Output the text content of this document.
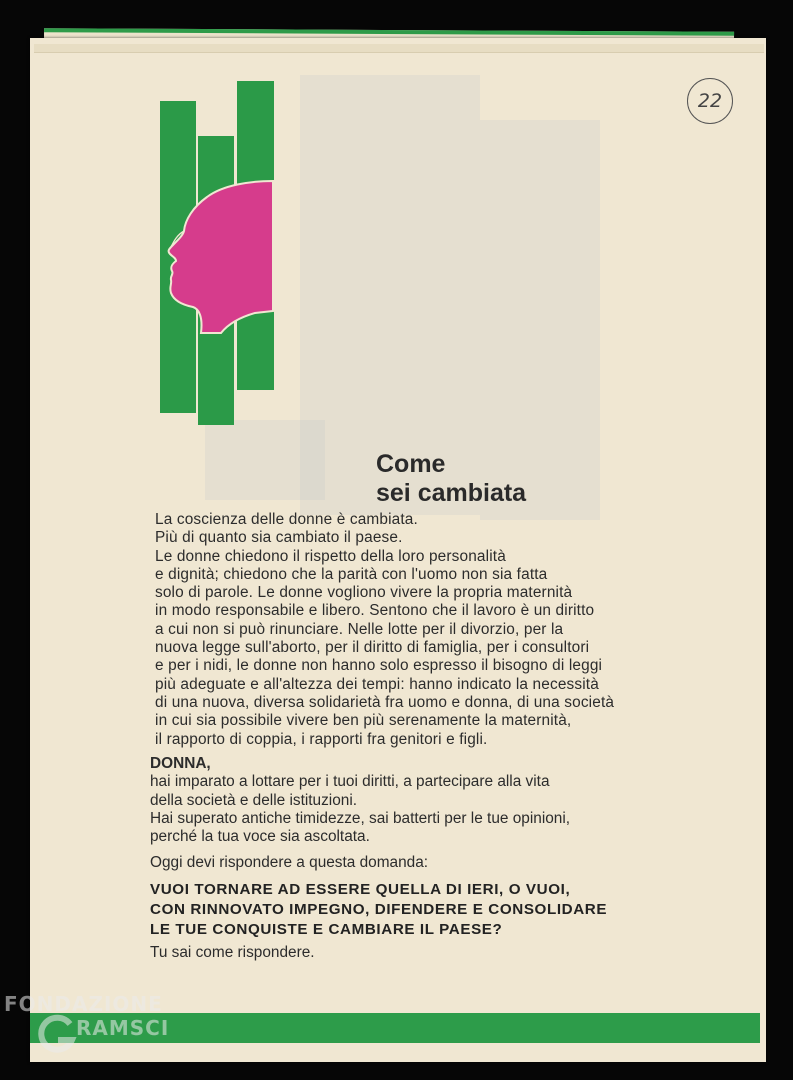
22
Come
sei cambiata
La coscienza delle donne è cambiata.
Più di quanto sia cambiato il paese.
Le donne chiedono il rispetto della loro personalità
e dignità; chiedono che la parità con l'uomo non sia fatta
solo di parole. Le donne vogliono vivere la propria maternità
in modo responsabile e libero. Sentono che il lavoro è un diritto
a cui non si può rinunciare. Nelle lotte per il divorzio, per la
nuova legge sull'aborto, per il diritto di famiglia, per i consultori
e per i nidi, le donne non hanno solo espresso il bisogno di leggi
più adeguate e all'altezza dei tempi: hanno indicato la necessità
di una nuova, diversa solidarietà fra uomo e donna, di una società
in cui sia possibile vivere ben più serenamente la maternità,
il rapporto di coppia, i rapporti fra genitori e figli.
DONNA,
hai imparato a lottare per i tuoi diritti, a partecipare alla vita
della società e delle istituzioni.
Hai superato antiche timidezze, sai batterti per le tue opinioni,
perché la tua voce sia ascoltata.
Oggi devi rispondere a questa domanda:
VUOI TORNARE AD ESSERE QUELLA DI IERI, O VUOI,
CON RINNOVATO IMPEGNO, DIFENDERE E CONSOLIDARE
LE TUE CONQUISTE E CAMBIARE IL PAESE?
Tu sai come rispondere.
FONDAZIONE
RAMSCI
